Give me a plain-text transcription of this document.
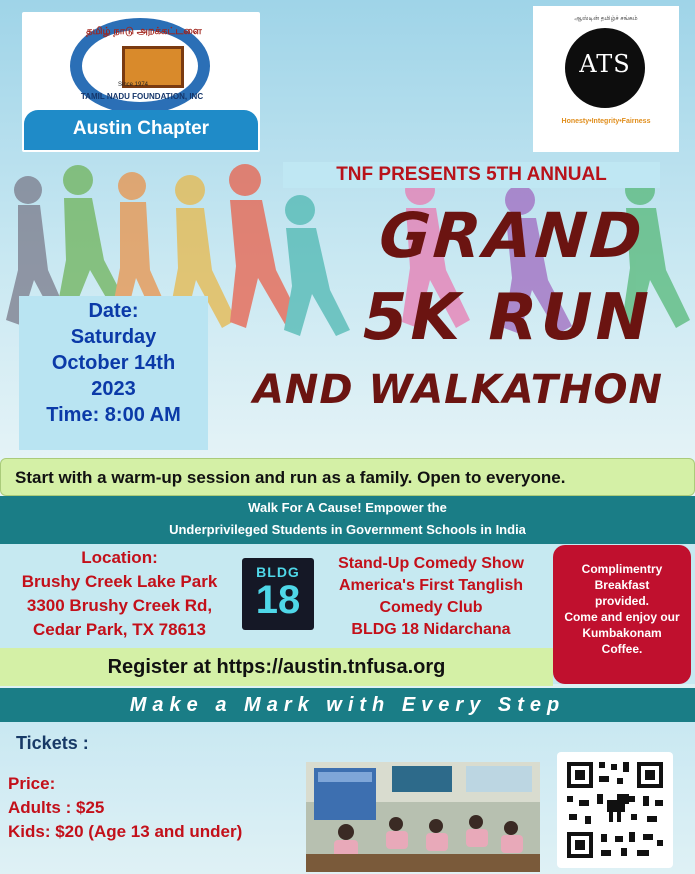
தமிழ் நாடு அறக்கட்டளை
Since 1974
TAMIL NADU FOUNDATION, INC
Austin Chapter
ஆஸ்டின் தமிழ்ச் சங்கம்
ATS
Honesty•Integrity•Fairness
TNF PRESENTS 5TH ANNUAL
GRAND
5K RUN
AND WALKATHON
Date:
Saturday
October 14th
2023
Time: 8:00 AM
Start with a warm-up session and run as a family. Open to everyone.
Walk For A Cause! Empower the
Underprivileged Students in Government Schools in India
Location:
Brushy Creek Lake Park
3300 Brushy Creek Rd,
Cedar Park, TX 78613
BLDG
18
Stand-Up Comedy Show
America's First Tanglish
Comedy Club
BLDG 18 Nidarchana
Complimentry
Breakfast
provided.
Come and enjoy our
Kumbakonam
Coffee.
Register at https://austin.tnfusa.org
Make a Mark with Every Step
Tickets :
Price:
Adults : $25
Kids: $20 (Age 13 and under)
